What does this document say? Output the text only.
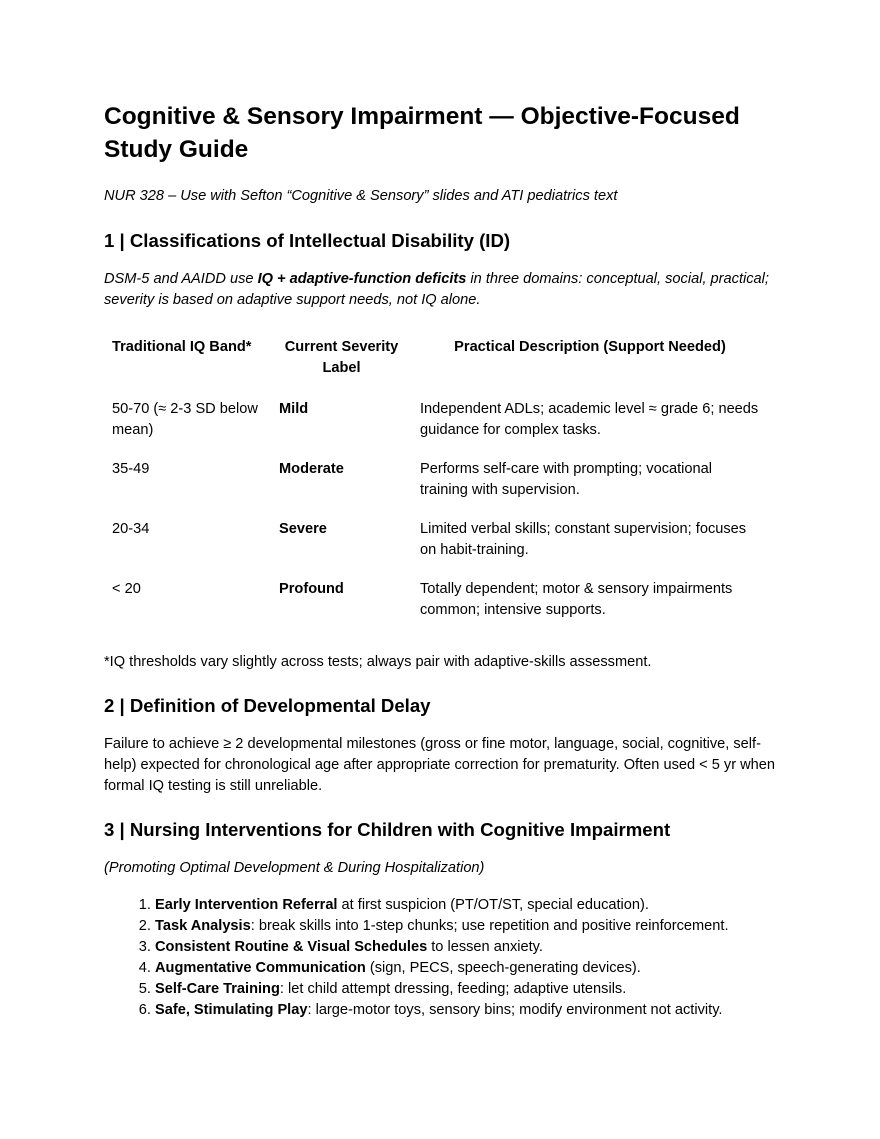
Cognitive & Sensory Impairment — Objective-Focused Study Guide
NUR 328 – Use with Sefton “Cognitive & Sensory” slides and ATI pediatrics text
1 | Classifications of Intellectual Disability (ID)

DSM-5 and AAIDD use IQ + adaptive-function deficits in three domains: conceptual, social, practical; severity is based on adaptive support needs, not IQ alone.

Traditional IQ Band*	Current Severity Label	Practical Description (Support Needed)
50-70 (≈ 2-3 SD below mean)	Mild	Independent ADLs; academic level ≈ grade 6; needs guidance for complex tasks.
35-49	Moderate	Performs self-care with prompting; vocational training with supervision.
20-34	Severe	Limited verbal skills; constant supervision; focuses on habit-training.
< 20	Profound	Totally dependent; motor & sensory impairments common; intensive supports.

*IQ thresholds vary slightly across tests; always pair with adaptive-skills assessment.

2 | Definition of Developmental Delay

Failure to achieve ≥ 2 developmental milestones (gross or fine motor, language, social, cognitive, self-help) expected for chronological age after appropriate correction for prematurity. Often used < 5 yr when formal IQ testing is still unreliable.

3 | Nursing Interventions for Children with Cognitive Impairment

(Promoting Optimal Development & During Hospitalization)

1. Early Intervention Referral at first suspicion (PT/OT/ST, special education).
2. Task Analysis: break skills into 1-step chunks; use repetition and positive reinforcement.
3. Consistent Routine & Visual Schedules to lessen anxiety.
4. Augmentative Communication (sign, PECS, speech-generating devices).
5. Self-Care Training: let child attempt dressing, feeding; adaptive utensils.
6. Safe, Stimulating Play: large-motor toys, sensory bins; modify environment not activity.
